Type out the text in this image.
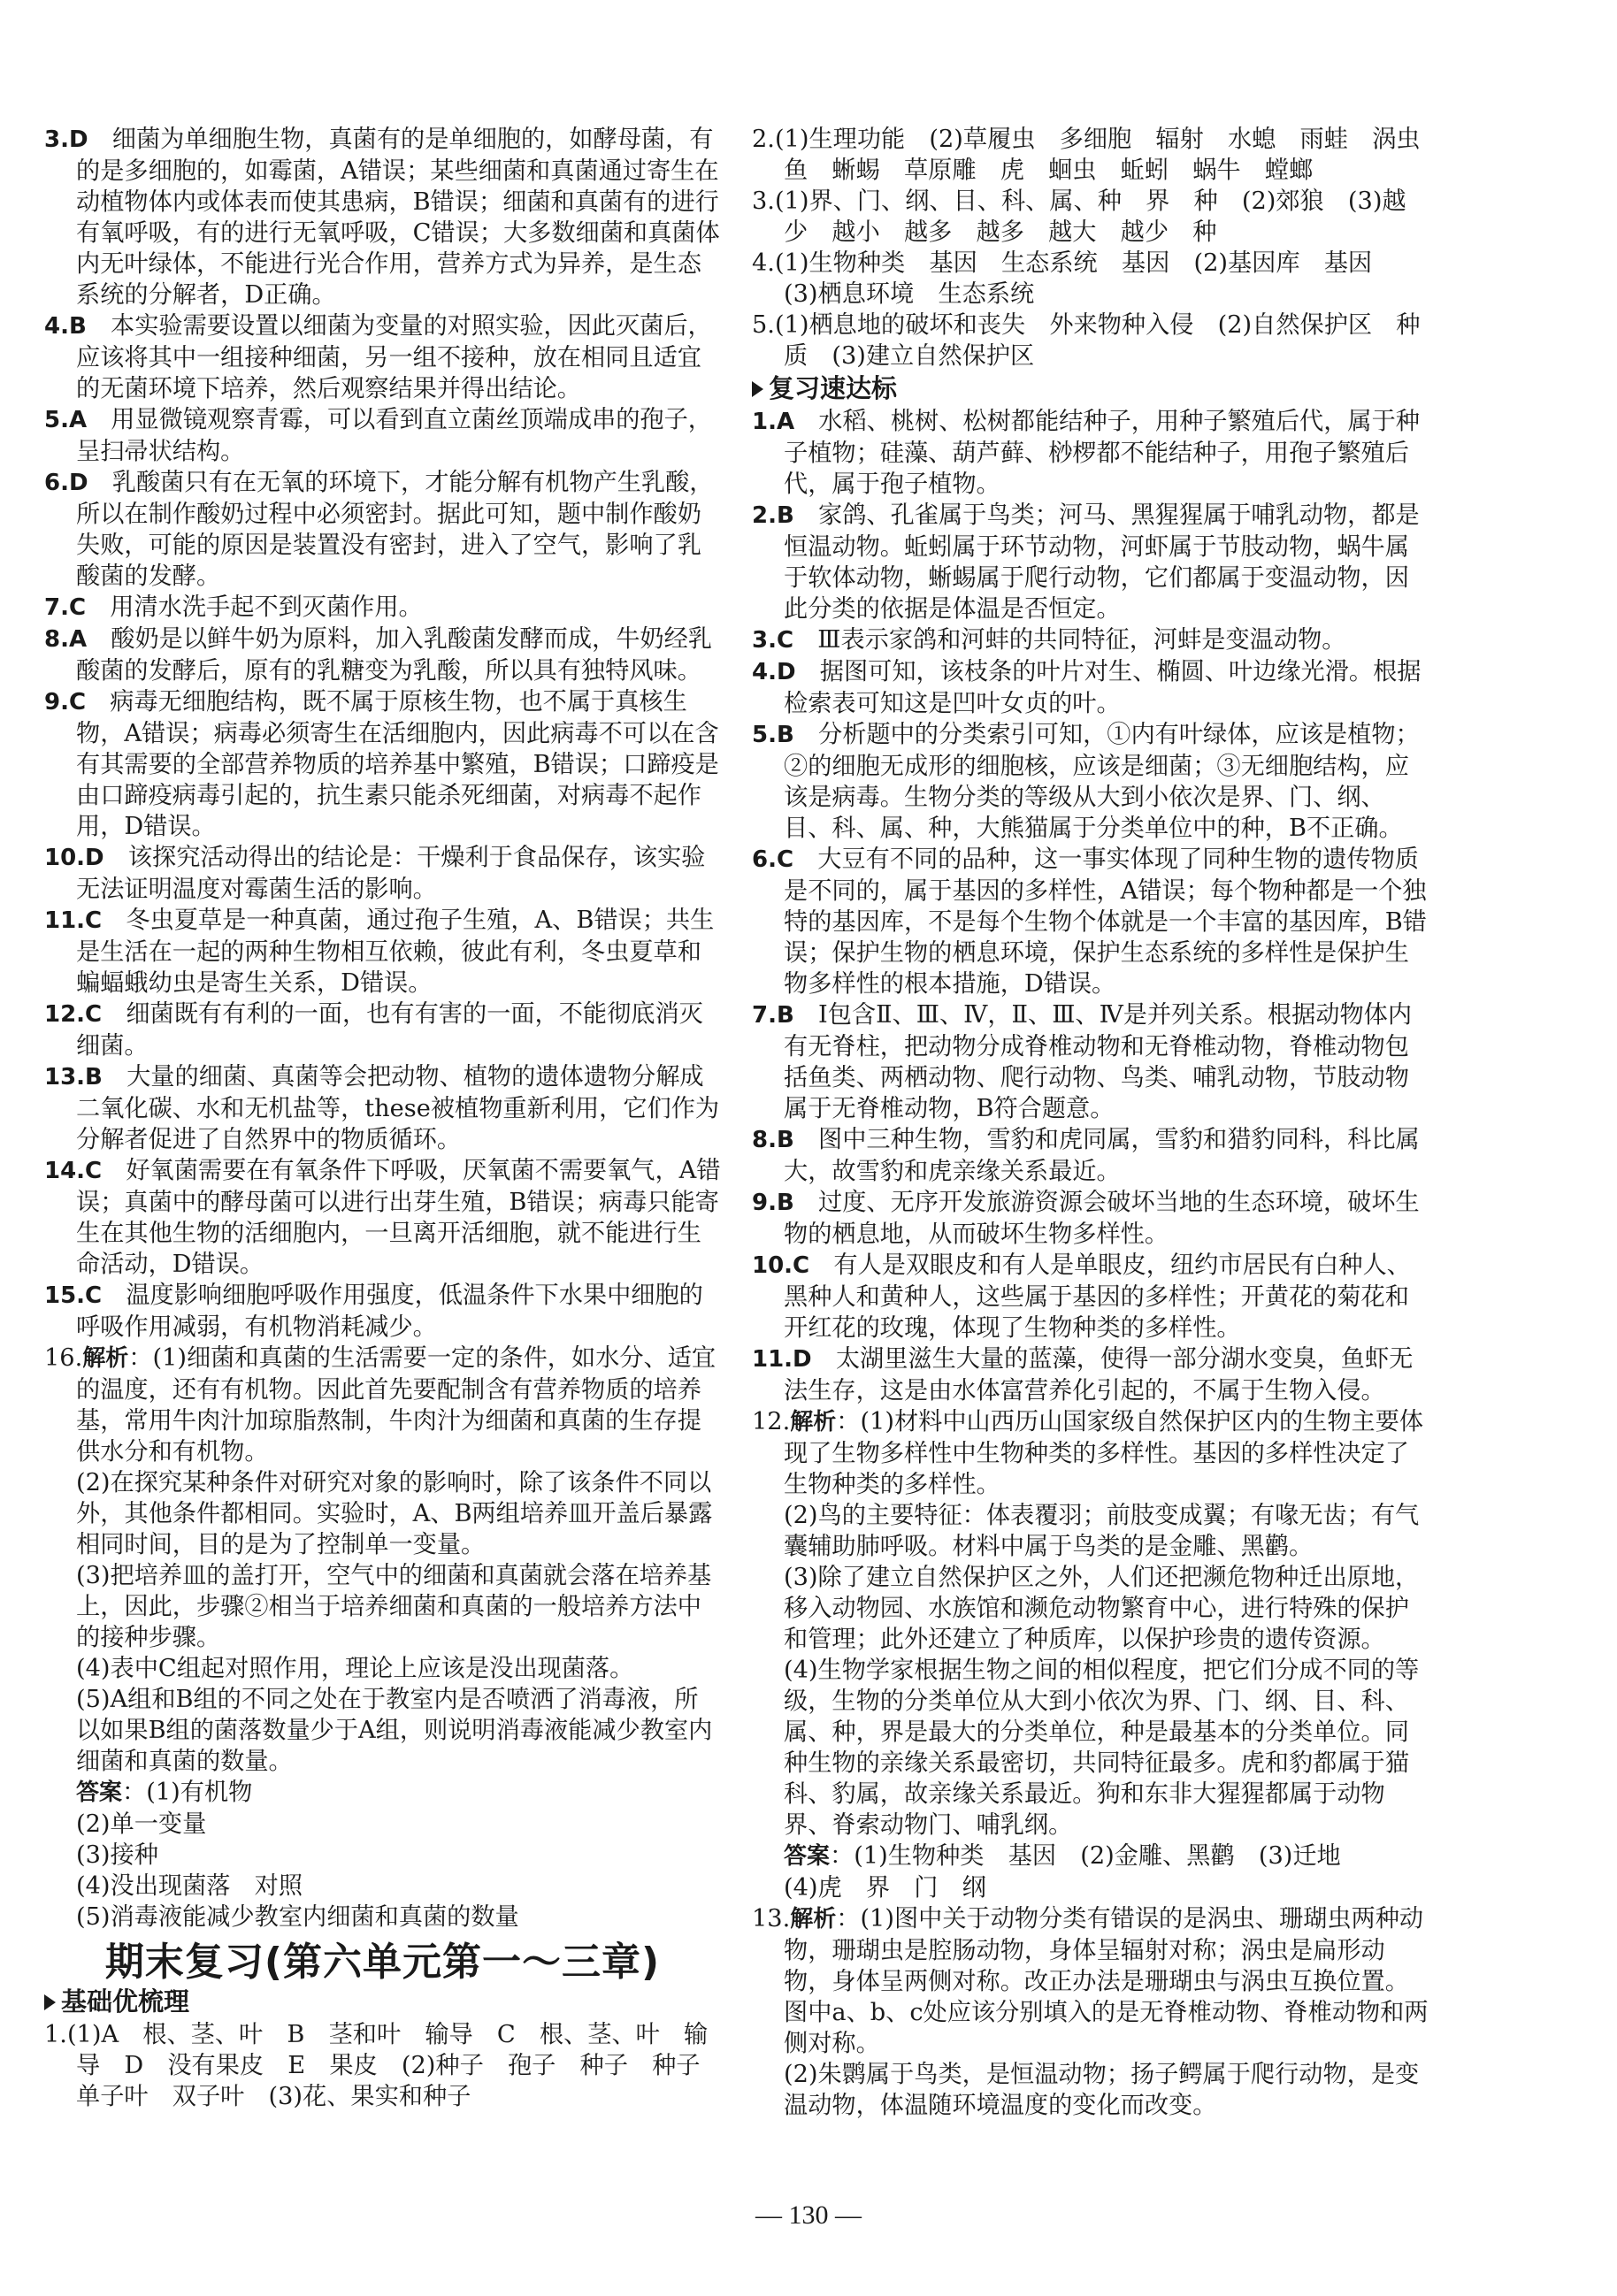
3.D　 细菌为单细胞生物，真菌有的是单细胞的，如酵母菌，有的是多细胞的，如霉菌，A错误；某些细菌和真菌通过寄生在动植物体内或体表而使其患病，B错误；细菌和真菌有的进行有氧呼吸，有的进行无氧呼吸，C错误；大多数细菌和真菌体内无叶绿体，不能进行光合作用，营养方式为异养，是生态系统的分解者，D正确。
4.B　 本实验需要设置以细菌为变量的对照实验，因此灭菌后，应该将其中一组接种细菌，另一组不接种，放在相同且适宜的无菌环境下培养，然后观察结果并得出结论。
5.A　 用显微镜观察青霉，可以看到直立菌丝顶端成串的孢子，呈扫帚状结构。
6.D　 乳酸菌只有在无氧的环境下，才能分解有机物产生乳酸，所以在制作酸奶过程中必须密封。据此可知，题中制作酸奶失败，可能的原因是装置没有密封，进入了空气，影响了乳酸菌的发酵。
7.C　 用清水洗手起不到灭菌作用。
8.A　 酸奶是以鲜牛奶为原料，加入乳酸菌发酵而成，牛奶经乳酸菌的发酵后，原有的乳糖变为乳酸，所以具有独特风味。
9.C　 病毒无细胞结构，既不属于原核生物，也不属于真核生物，A错误；病毒必须寄生在活细胞内，因此病毒不可以在含有其需要的全部营养物质的培养基中繁殖，B错误；口蹄疫是由口蹄疫病毒引起的，抗生素只能杀死细菌，对病毒不起作用，D错误。
10.D　 该探究活动得出的结论是：干燥利于食品保存，该实验无法证明温度对霉菌生活的影响。
11.C　 冬虫夏草是一种真菌，通过孢子生殖，A、B错误；共生是生活在一起的两种生物相互依赖，彼此有利，冬虫夏草和蝙蝠蛾幼虫是寄生关系，D错误。
12.C　 细菌既有有利的一面，也有有害的一面，不能彻底消灭细菌。
13.B　 大量的细菌、真菌等会把动物、植物的遗体遗物分解成二氧化碳、水和无机盐等，these被植物重新利用，它们作为分解者促进了自然界中的物质循环。
14.C　 好氧菌需要在有氧条件下呼吸，厌氧菌不需要氧气，A错误；真菌中的酵母菌可以进行出芽生殖，B错误；病毒只能寄生在其他生物的活细胞内，一旦离开活细胞，就不能进行生命活动，D错误。
15.C　 温度影响细胞呼吸作用强度，低温条件下水果中细胞的呼吸作用减弱，有机物消耗减少。
16.解析：(1)细菌和真菌的生活需要一定的条件，如水分、适宜的温度，还有有机物。因此首先要配制含有营养物质的培养基，常用牛肉汁加琼脂熬制，牛肉汁为细菌和真菌的生存提供水分和有机物。
(2)在探究某种条件对研究对象的影响时，除了该条件不同以外，其他条件都相同。实验时，A、B两组培养皿开盖后暴露相同时间，目的是为了控制单一变量。
(3)把培养皿的盖打开，空气中的细菌和真菌就会落在培养基上，因此，步骤②相当于培养细菌和真菌的一般培养方法中的接种步骤。
(4)表中C组起对照作用，理论上应该是没出现菌落。
(5)A组和B组的不同之处在于教室内是否喷洒了消毒液，所以如果B组的菌落数量少于A组，则说明消毒液能减少教室内细菌和真菌的数量。
答案：(1)有机物
(2)单一变量
(3)接种
(4)没出现菌落　对照
(5)消毒液能减少教室内细菌和真菌的数量
期末复习(第六单元第一～三章)
基础优梳理
1.(1)A　根、茎、叶　B　茎和叶　输导　C　根、茎、叶　输导　D　没有果皮　E　果皮　(2)种子　孢子　种子　种子　单子叶　双子叶　(3)花、果实和种子
2.(1)生理功能　(2)草履虫　多细胞　辐射　水螅　雨蛙　涡虫　鱼　蜥蜴　草原雕　虎　蛔虫　蚯蚓　蜗牛　螳螂
3.(1)界、门、纲、目、科、属、种　界　种　(2)郊狼　(3)越少　越小　越多　越多　越大　越少　种
4.(1)生物种类　基因　生态系统　基因　(2)基因库　基因　(3)栖息环境　生态系统
5.(1)栖息地的破坏和丧失　外来物种入侵　(2)自然保护区　种质　(3)建立自然保护区
复习速达标
1.A　 水稻、桃树、松树都能结种子，用种子繁殖后代，属于种子植物；硅藻、葫芦藓、桫椤都不能结种子，用孢子繁殖后代，属于孢子植物。
2.B　 家鸽、孔雀属于鸟类；河马、黑猩猩属于哺乳动物，都是恒温动物。蚯蚓属于环节动物，河虾属于节肢动物，蜗牛属于软体动物，蜥蜴属于爬行动物，它们都属于变温动物，因此分类的依据是体温是否恒定。
3.C　 Ⅲ表示家鸽和河蚌的共同特征，河蚌是变温动物。
4.D　 据图可知，该枝条的叶片对生、椭圆、叶边缘光滑。根据检索表可知这是凹叶女贞的叶。
5.B　 分析题中的分类索引可知，①内有叶绿体，应该是植物；②的细胞无成形的细胞核，应该是细菌；③无细胞结构，应该是病毒。生物分类的等级从大到小依次是界、门、纲、目、科、属、种，大熊猫属于分类单位中的种，B不正确。
6.C　 大豆有不同的品种，这一事实体现了同种生物的遗传物质是不同的，属于基因的多样性，A错误；每个物种都是一个独特的基因库，不是每个生物个体就是一个丰富的基因库，B错误；保护生物的栖息环境，保护生态系统的多样性是保护生物多样性的根本措施，D错误。
7.B　 Ⅰ包含Ⅱ、Ⅲ、Ⅳ，Ⅱ、Ⅲ、Ⅳ是并列关系。根据动物体内有无脊柱，把动物分成脊椎动物和无脊椎动物，脊椎动物包括鱼类、两栖动物、爬行动物、鸟类、哺乳动物，节肢动物属于无脊椎动物，B符合题意。
8.B　 图中三种生物，雪豹和虎同属，雪豹和猎豹同科，科比属大，故雪豹和虎亲缘关系最近。
9.B　 过度、无序开发旅游资源会破坏当地的生态环境，破坏生物的栖息地，从而破坏生物多样性。
10.C　 有人是双眼皮和有人是单眼皮，纽约市居民有白种人、黑种人和黄种人，这些属于基因的多样性；开黄花的菊花和开红花的玫瑰，体现了生物种类的多样性。
11.D　 太湖里滋生大量的蓝藻，使得一部分湖水变臭，鱼虾无法生存，这是由水体富营养化引起的，不属于生物入侵。
12.解析：(1)材料中山西历山国家级自然保护区内的生物主要体现了生物多样性中生物种类的多样性。基因的多样性决定了生物种类的多样性。
(2)鸟的主要特征：体表覆羽；前肢变成翼；有喙无齿；有气囊辅助肺呼吸。材料中属于鸟类的是金雕、黑鹳。
(3)除了建立自然保护区之外，人们还把濒危物种迁出原地，移入动物园、水族馆和濒危动物繁育中心，进行特殊的保护和管理；此外还建立了种质库，以保护珍贵的遗传资源。
(4)生物学家根据生物之间的相似程度，把它们分成不同的等级，生物的分类单位从大到小依次为界、门、纲、目、科、属、种，界是最大的分类单位，种是最基本的分类单位。同种生物的亲缘关系最密切，共同特征最多。虎和豹都属于猫科、豹属，故亲缘关系最近。狗和东非大猩猩都属于动物界、脊索动物门、哺乳纲。
答案：(1)生物种类　基因　(2)金雕、黑鹳　(3)迁地
(4)虎　界　门　纲
13.解析：(1)图中关于动物分类有错误的是涡虫、珊瑚虫两种动物，珊瑚虫是腔肠动物，身体呈辐射对称；涡虫是扁形动物，身体呈两侧对称。改正办法是珊瑚虫与涡虫互换位置。图中a、b、c处应该分别填入的是无脊椎动物、脊椎动物和两侧对称。
(2)朱鹮属于鸟类，是恒温动物；扬子鳄属于爬行动物，是变温动物，体温随环境温度的变化而改变。
— 130 —
